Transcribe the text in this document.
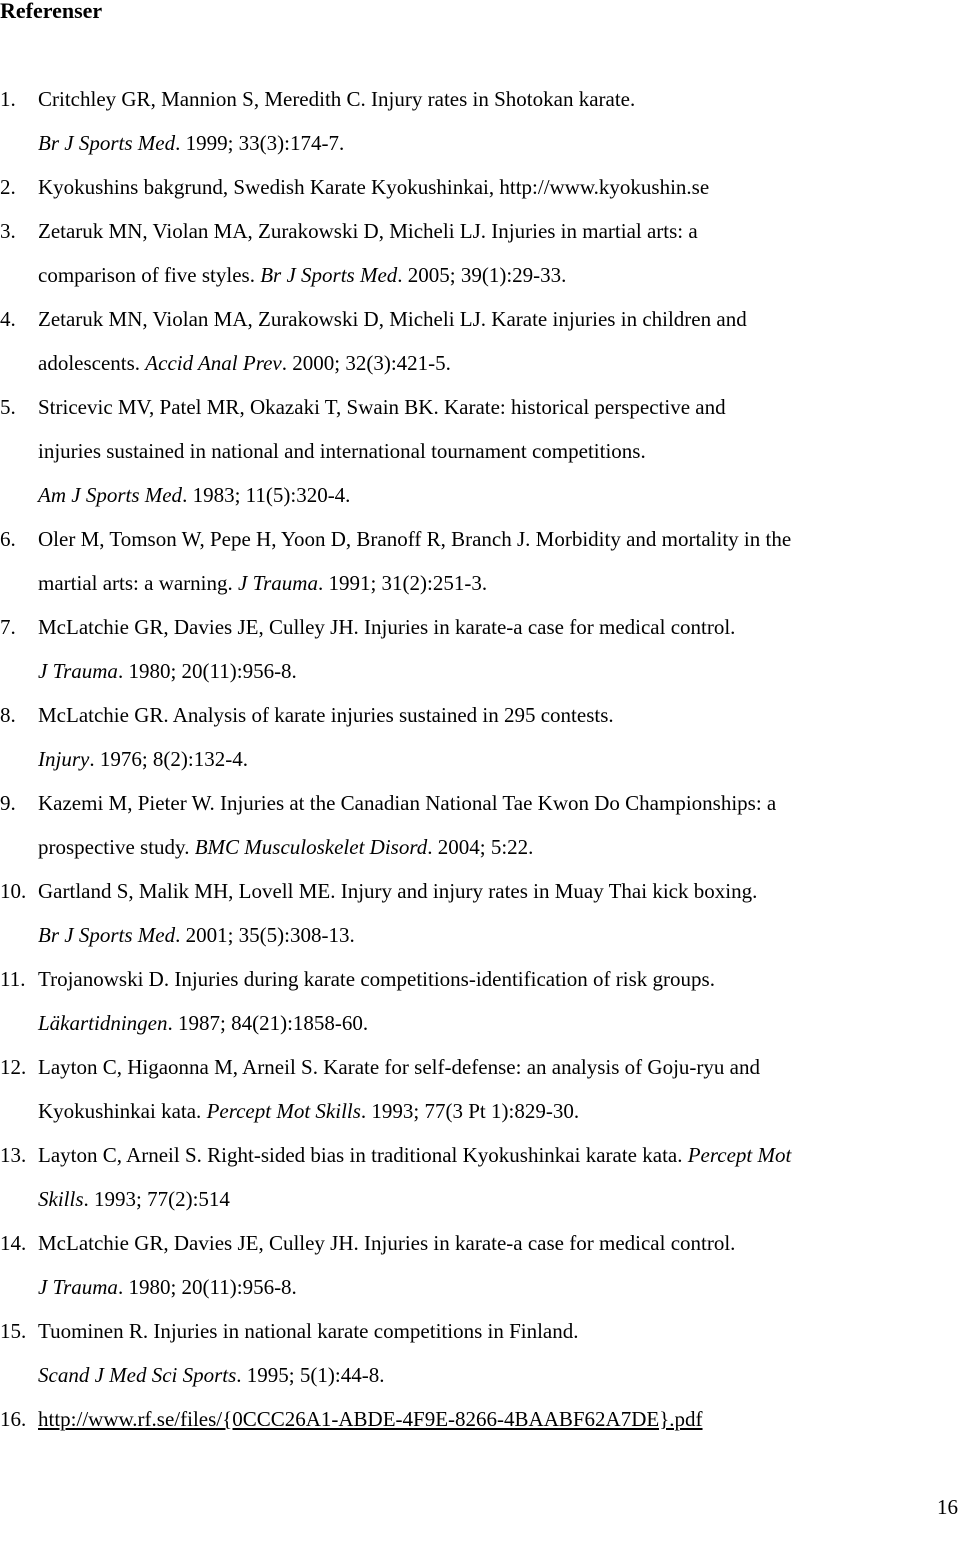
Referenser
1. Critchley GR, Mannion S, Meredith C. Injury rates in Shotokan karate.
Br J Sports Med. 1999; 33(3):174-7.
2. Kyokushins bakgrund, Swedish Karate Kyokushinkai, http://www.kyokushin.se
3. Zetaruk MN, Violan MA, Zurakowski D, Micheli LJ. Injuries in martial arts: a
comparison of five styles. Br J Sports Med. 2005; 39(1):29-33.
4. Zetaruk MN, Violan MA, Zurakowski D, Micheli LJ. Karate injuries in children and
adolescents. Accid Anal Prev. 2000; 32(3):421-5.
5. Stricevic MV, Patel MR, Okazaki T, Swain BK. Karate: historical perspective and
injuries sustained in national and international tournament competitions.
Am J Sports Med. 1983; 11(5):320-4.
6. Oler M, Tomson W, Pepe H, Yoon D, Branoff R, Branch J. Morbidity and mortality in the
martial arts: a warning. J Trauma. 1991; 31(2):251-3.
7. McLatchie GR, Davies JE, Culley JH. Injuries in karate-a case for medical control.
J Trauma. 1980; 20(11):956-8.
8. McLatchie GR. Analysis of karate injuries sustained in 295 contests.
Injury. 1976; 8(2):132-4.
9. Kazemi M, Pieter W. Injuries at the Canadian National Tae Kwon Do Championships: a
prospective study. BMC Musculoskelet Disord. 2004; 5:22.
10. Gartland S, Malik MH, Lovell ME. Injury and injury rates in Muay Thai kick boxing.
Br J Sports Med. 2001; 35(5):308-13.
11. Trojanowski D. Injuries during karate competitions-identification of risk groups.
Läkartidningen. 1987; 84(21):1858-60.
12. Layton C, Higaonna M, Arneil S. Karate for self-defense: an analysis of Goju-ryu and
Kyokushinkai kata. Percept Mot Skills. 1993; 77(3 Pt 1):829-30.
13. Layton C, Arneil S. Right-sided bias in traditional Kyokushinkai karate kata. Percept Mot
Skills. 1993; 77(2):514
14. McLatchie GR, Davies JE, Culley JH. Injuries in karate-a case for medical control.
J Trauma. 1980; 20(11):956-8.
15. Tuominen R. Injuries in national karate competitions in Finland.
Scand J Med Sci Sports. 1995; 5(1):44-8.
16. http://www.rf.se/files/{0CCC26A1-ABDE-4F9E-8266-4BAABF62A7DE}.pdf
16
